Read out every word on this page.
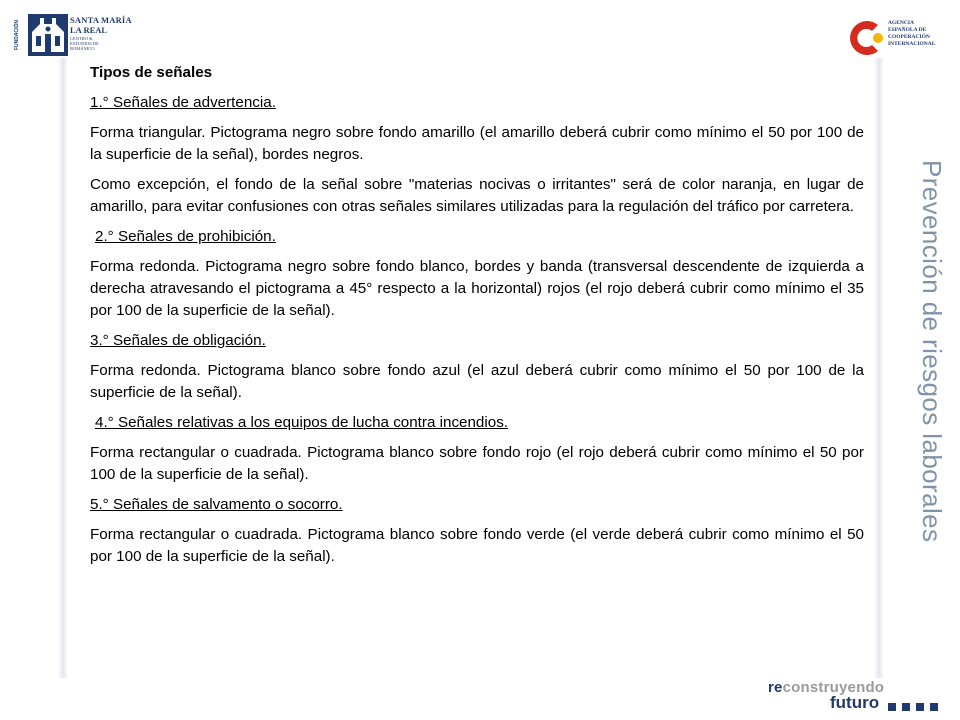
FUNDACIÓN	SANTA MARÍA
LA REAL
CENTRO &
ESTUDIOS DE
ROMÁNICO
AGENCIA
ESPAÑOLA DE
COOPERACIÓN
INTERNACIONAL
Prevención de riesgos laborales

Tipos de señales

1.° Señales de advertencia.

Forma triangular. Pictograma negro sobre fondo amarillo (el amarillo deberá cubrir como mínimo el 50 por 100 de la superficie de la señal), bordes negros.

Como excepción, el fondo de la señal sobre "materias nocivas o irritantes" será de color naranja, en lugar de amarillo, para evitar confusiones con otras señales similares utilizadas para la regulación del tráfico por carretera.

2.° Señales de prohibición.

Forma redonda. Pictograma negro sobre fondo blanco, bordes y banda (transversal descendente de izquierda a derecha atravesando el pictograma a 45° respecto a la horizontal) rojos (el rojo deberá cubrir como mínimo el 35 por 100 de la superficie de la señal).

3.° Señales de obligación.

Forma redonda. Pictograma blanco sobre fondo azul (el azul deberá cubrir como mínimo el 50 por 100 de la superficie de la señal).

4.° Señales relativas a los equipos de lucha contra incendios.

Forma rectangular o cuadrada. Pictograma blanco sobre fondo rojo (el rojo deberá cubrir como mínimo el 50 por 100 de la superficie de la señal).

5.° Señales de salvamento o socorro.

Forma rectangular o cuadrada. Pictograma blanco sobre fondo verde (el verde deberá cubrir como mínimo el 50 por 100 de la superficie de la señal).

reconstruyendo
futuro
